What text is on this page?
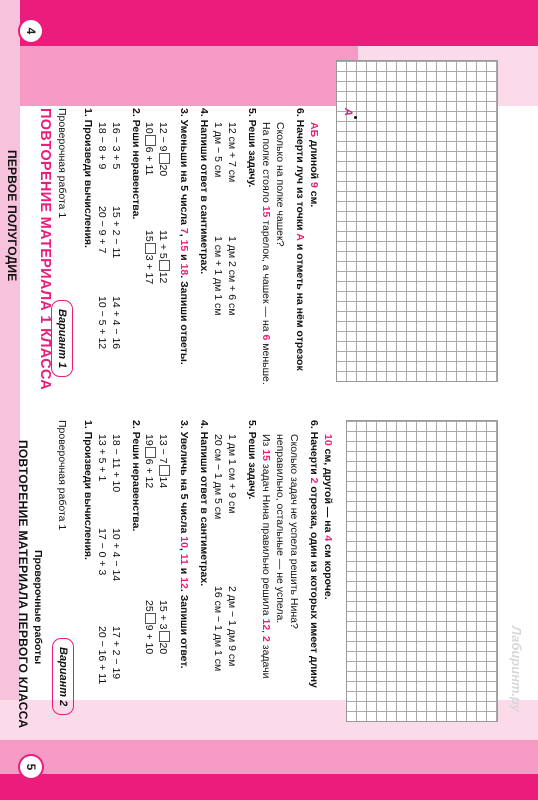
4
ПЕРВОЕ ПОЛУГОДИЕ ПОВТОРЕНИЕ МАТЕРИАЛА 1 КЛАССА Вариант 1
Проверочная работа 1 1. Произведи вычисления. 18 − 8 + 9
20 − 9 + 7
10 − 5 + 12
16 − 3 + 5
15 + 2 − 11
14 + 4 − 16
2. Реши неравенства. 106 + 11
153 + 17
12 − 920
11 + 512
3. Уменьши на 5 числа 7, 15 и 18. Запиши ответы.
4. Напиши ответ в сантиметрах. 1 дм − 5 см
1 см + 1 дм 1 см
12 см + 7 см
1 дм 2 см + 6 см
5. Реши задачу. На полке стояло 15 тарелок, а чашек — на 6 меньше.
Сколько на полке чашек? 6. Начерти луч из точки А и отметь на нём отрезок
АБ длиной 9 см.
А
5
ПОВТОРЕНИЕ МАТЕРИАЛА ПЕРВОГО КЛАССА Проверочные работы
Вариант 2
Проверочная работа 1 1. Произведи вычисления. 13 + 5 + 1
17 − 0 + 3
20 − 16 + 11
18 − 11 + 10
10 + 4 − 14
17 + 2 − 19
2. Реши неравенства. 196 + 12
259 + 10
13 − 714
15 + 320
3. Увеличь на 5 числа 10, 11 и 12. Запиши ответ.
4. Напиши ответ в сантиметрах. 20 см − 1 дм 5 см
16 см − 1 дм 1 см
1 дм 1 см + 9 см
2 дм − 1 дм 9 см
5. Реши задачу. Из 15 задач Нина правильно решила 12, 2 задачи
неправильно, остальные — не успела. Сколько задач не успела решить Нина? 6. Начерти 2 отрезка, один из которых имеет длину
10 см, другой — на 4 см короче.
Лабиринт.ру
